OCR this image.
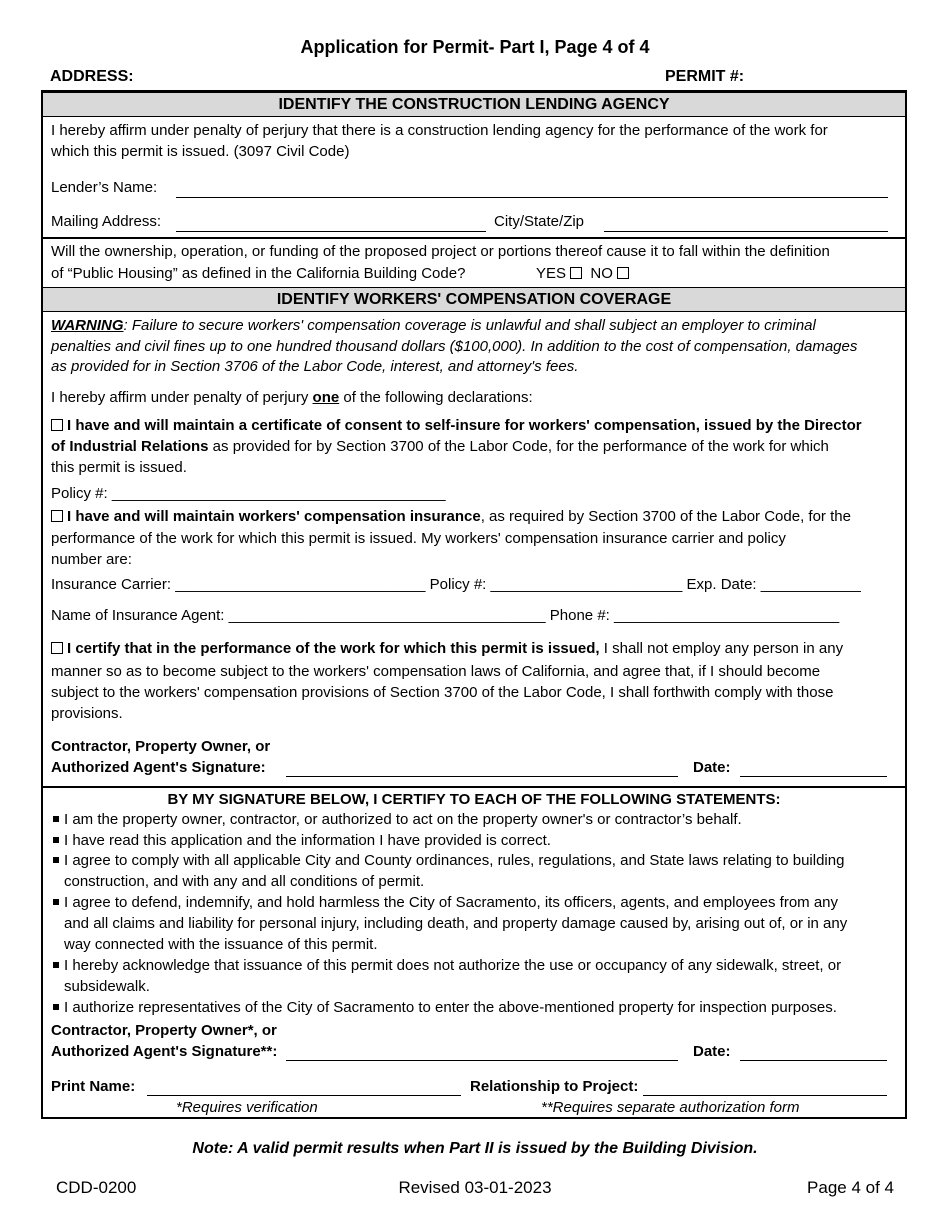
Application for Permit- Part I, Page 4 of 4
ADDRESS:	PERMIT #:
IDENTIFY THE CONSTRUCTION LENDING AGENCY
I hereby affirm under penalty of perjury that there is a construction lending agency for the performance of the work for
which this permit is issued. (3097 Civil Code)
Lender’s Name:
Mailing Address:	City/State/Zip
Will the ownership, operation, or funding of the proposed project or portions thereof cause it to fall within the definition
of “Public Housing” as defined in the California Building Code?	YES NO
IDENTIFY WORKERS' COMPENSATION COVERAGE
WARNING: Failure to secure workers' compensation coverage is unlawful and shall subject an employer to criminal
penalties and civil fines up to one hundred thousand dollars ($100,000). In addition to the cost of compensation, damages
as provided for in Section 3706 of the Labor Code, interest, and attorney's fees.
I hereby affirm under penalty of perjury one of the following declarations:
I have and will maintain a certificate of consent to self-insure for workers' compensation, issued by the Director
of Industrial Relations as provided for by Section 3700 of the Labor Code, for the performance of the work for which
this permit is issued.
Policy #: ________________________________________
I have and will maintain workers' compensation insurance, as required by Section 3700 of the Labor Code, for the
performance of the work for which this permit is issued. My workers' compensation insurance carrier and policy
number are:
Insurance Carrier: ______________________________ Policy #: _______________________ Exp. Date: ____________
Name of Insurance Agent: ______________________________________ Phone #: ___________________________
I certify that in the performance of the work for which this permit is issued, I shall not employ any person in any
manner so as to become subject to the workers' compensation laws of California, and agree that, if I should become
subject to the workers' compensation provisions of Section 3700 of the Labor Code, I shall forthwith comply with those
provisions.
Contractor, Property Owner, or
Authorized Agent's Signature:	Date:
BY MY SIGNATURE BELOW, I CERTIFY TO EACH OF THE FOLLOWING STATEMENTS:
I am the property owner, contractor, or authorized to act on the property owner's or contractor’s behalf.
I have read this application and the information I have provided is correct.
I agree to comply with all applicable City and County ordinances, rules, regulations, and State laws relating to building
construction, and with any and all conditions of permit.
I agree to defend, indemnify, and hold harmless the City of Sacramento, its officers, agents, and employees from any
and all claims and liability for personal injury, including death, and property damage caused by, arising out of, or in any
way connected with the issuance of this permit.
I hereby acknowledge that issuance of this permit does not authorize the use or occupancy of any sidewalk, street, or
subsidewalk.
I authorize representatives of the City of Sacramento to enter the above-mentioned property for inspection purposes.
Contractor, Property Owner*, or
Authorized Agent's Signature**:	Date:
Print Name:	Relationship to Project:
*Requires verification	**Requires separate authorization form
Note: A valid permit results when Part II is issued by the Building Division.
CDD-0200	Revised 03-01-2023	Page 4 of 4
